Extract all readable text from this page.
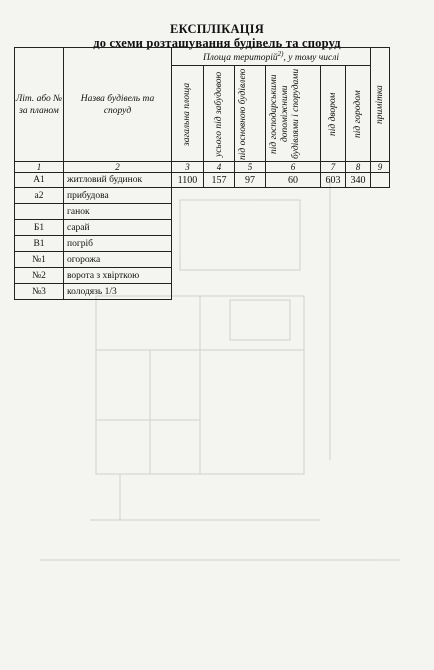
ЕКСПЛІКАЦІЯ
до схеми розташування будівель та споруд
Літ. або № за планом	Назва будівель та споруд	Площа територій$^{2)}$, у тому числі						примітка

		загальна площа	усього під забудовою	під основною будівлею	під господарськими допоміжними будівлями і спорудами	під двором	під городом	

1	2	3	4	5	6	7	8	9
А1	житловий будинок	1100	157	97	60	603	340	
а2	прибудова							
	ганок							
Б1	сарай							
В1	погріб							
№1	огорожа							
№2	ворота з хвірткою							
№3	колодязь 1/3							
